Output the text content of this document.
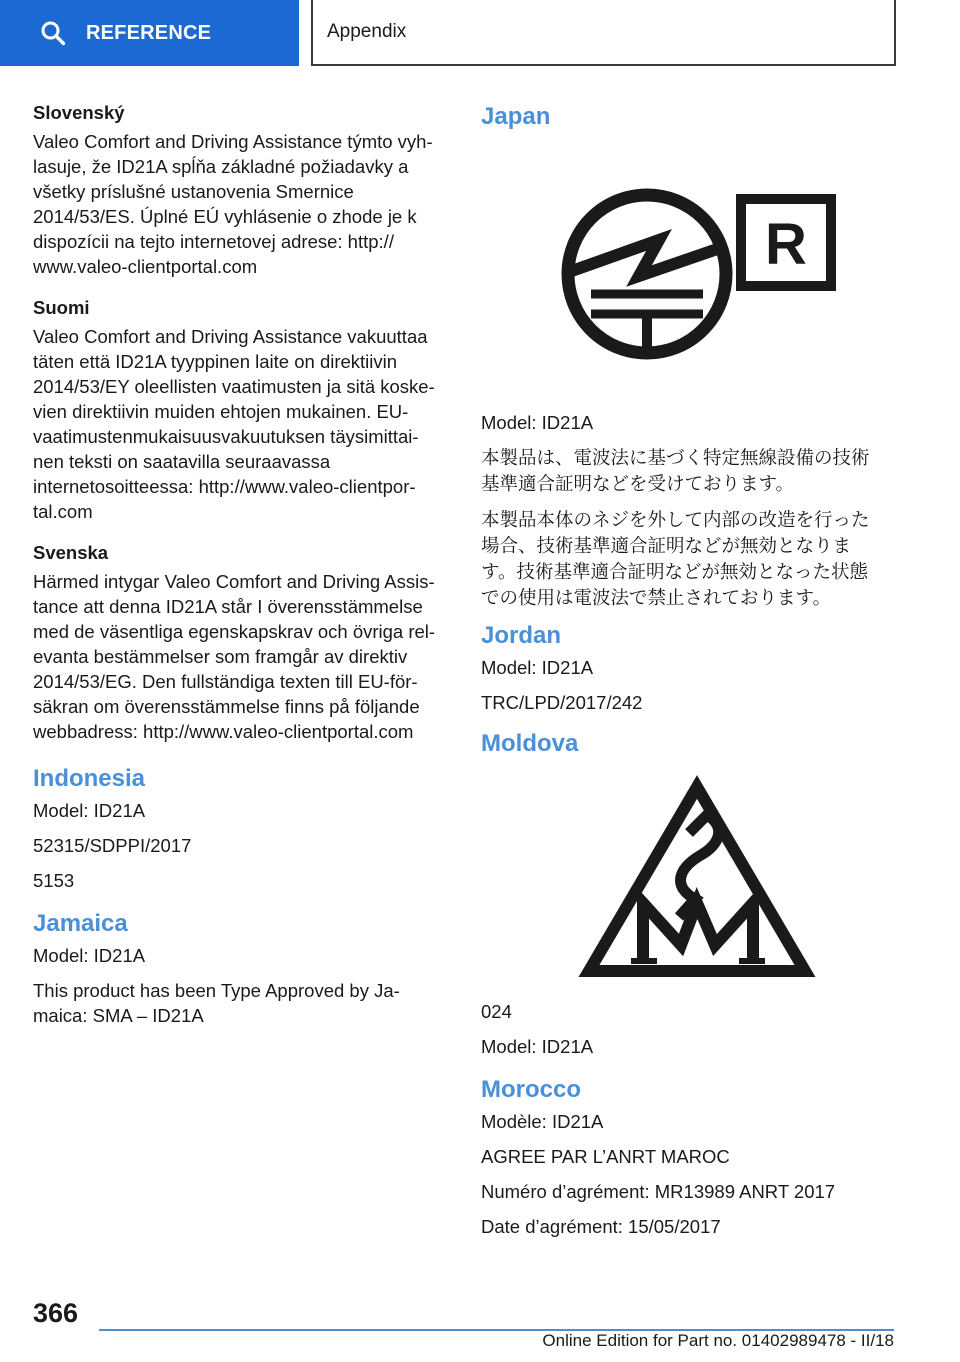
REFERENCE	Appendix
Slovenský

Valeo Comfort and Driving Assistance týmto vyh-
lasuje, že ID21A spĺňa základné požiadavky a
všetky príslušné ustanovenia Smernice
2014/53/ES. Úplné EÚ vyhlásenie o zhode je k
dispozícii na tejto internetovej adrese: http://
www.valeo-clientportal.com

Suomi

Valeo Comfort and Driving Assistance vakuuttaa
täten että ID21A tyyppinen laite on direktiivin
2014/53/EY oleellisten vaatimusten ja sitä koske-
vien direktiivin muiden ehtojen mukainen. EU-
vaatimustenmukaisuusvakuutuksen täysimittai-
nen teksti on saatavilla seuraavassa
internetosoitteessa: http://www.valeo-clientpor-
tal.com

Svenska

Härmed intygar Valeo Comfort and Driving Assis-
tance att denna ID21A står I överensstämmelse
med de väsentliga egenskapskrav och övriga rel-
evanta bestämmelser som framgår av direktiv
2014/53/EG. Den fullständiga texten till EU-för-
säkran om överensstämmelse finns på följande
webbadress: http://www.valeo-clientportal.com

Indonesia

Model: ID21A

52315/SDPPI/2017

5153

Jamaica

Model: ID21A

This product has been Type Approved by Ja-
maica: SMA – ID21A

Japan
R

Model: ID21A

本製品は、電波法に基づく特定無線設備の技術
基準適合証明などを受けております。

本製品本体のネジを外して内部の改造を行った
場合、技術基準適合証明などが無効となりま
す。技術基準適合証明などが無効となった状態
での使用は電波法で禁止されております。

Jordan

Model: ID21A

TRC/LPD/2017/242

Moldova

024

Model: ID21A

Morocco

Modèle: ID21A

AGREE PAR L’ANRT MAROC

Numéro d’agrément: MR13989 ANRT 2017

Date d’agrément: 15/05/2017

366
Online Edition for Part no. 01402989478 - II/18
